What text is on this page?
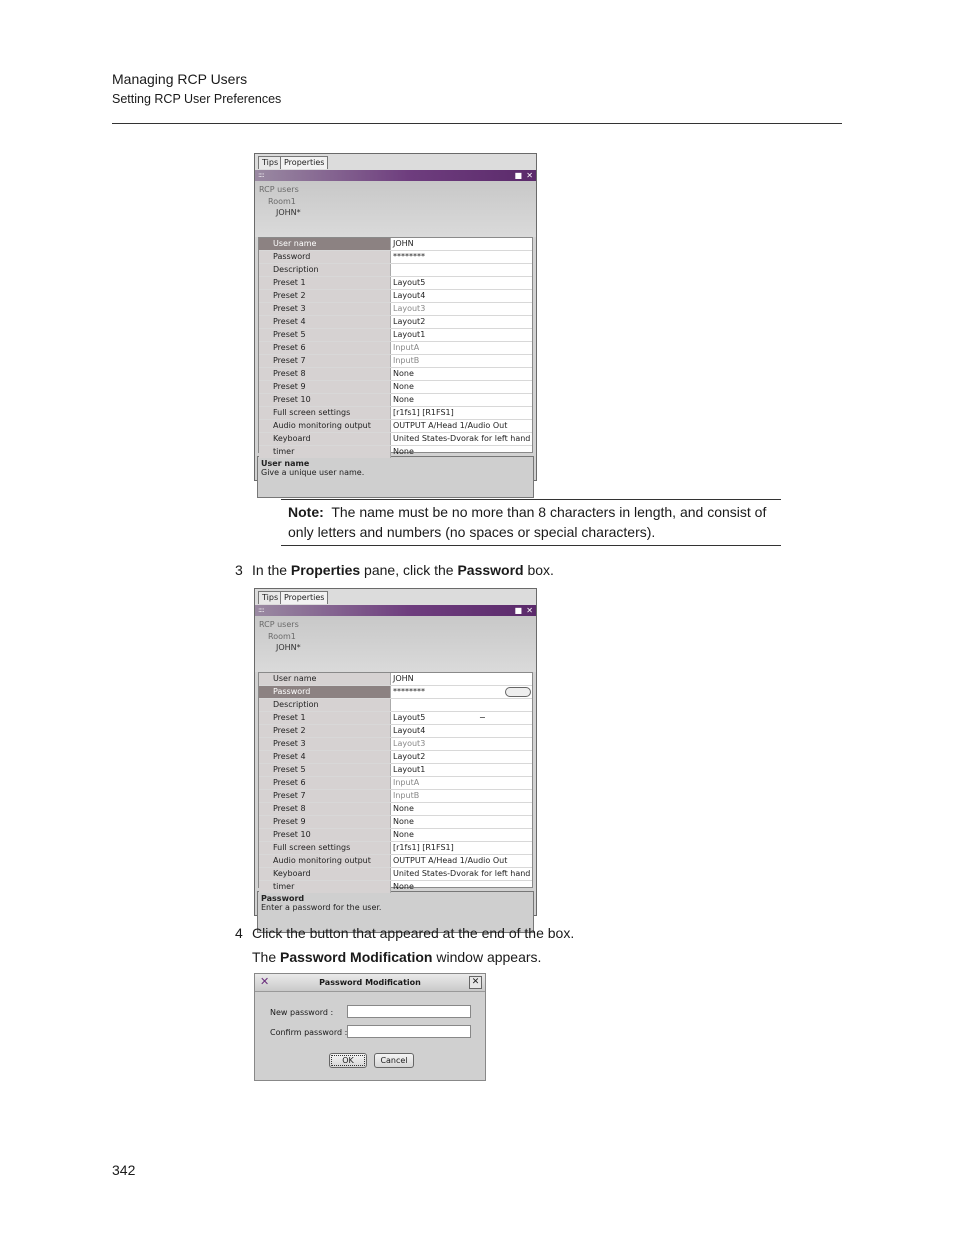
Managing RCP Users
Setting RCP User Preferences
Tips Properties
::::	■ ✕
RCP users
Room1
JOHN*
User name	JOHN
Password	********
Description
Preset 1	Layout5
Preset 2	Layout4
Preset 3	Layout3
Preset 4	Layout2
Preset 5	Layout1
Preset 6	InputA
Preset 7	InputB
Preset 8	None
Preset 9	None
Preset 10	None
Full screen settings	[r1fs1] [R1FS1]
Audio monitoring output	OUTPUT A/Head 1/Audio Out
Keyboard	United States-Dvorak for left hand
timer	None
User name
Give a unique user name.
Note: The name must be no more than 8 characters in length, and consist of only letters and numbers (no spaces or special characters).
3 In the Properties pane, click the Password box.
Tips Properties
::::	■ ✕
RCP users
Room1
JOHN*
User name	JOHN
Password	********
Description
Preset 1	Layout5	−
Preset 2	Layout4
Preset 3	Layout3
Preset 4	Layout2
Preset 5	Layout1
Preset 6	InputA
Preset 7	InputB
Preset 8	None
Preset 9	None
Preset 10	None
Full screen settings	[r1fs1] [R1FS1]
Audio monitoring output	OUTPUT A/Head 1/Audio Out
Keyboard	United States-Dvorak for left hand
timer	None
Password
Enter a password for the user.
4 Click the button that appeared at the end of the box.
The Password Modification window appears.
✕	Password Modification	✕
New password :
Confirm password :
OK	Cancel
342
